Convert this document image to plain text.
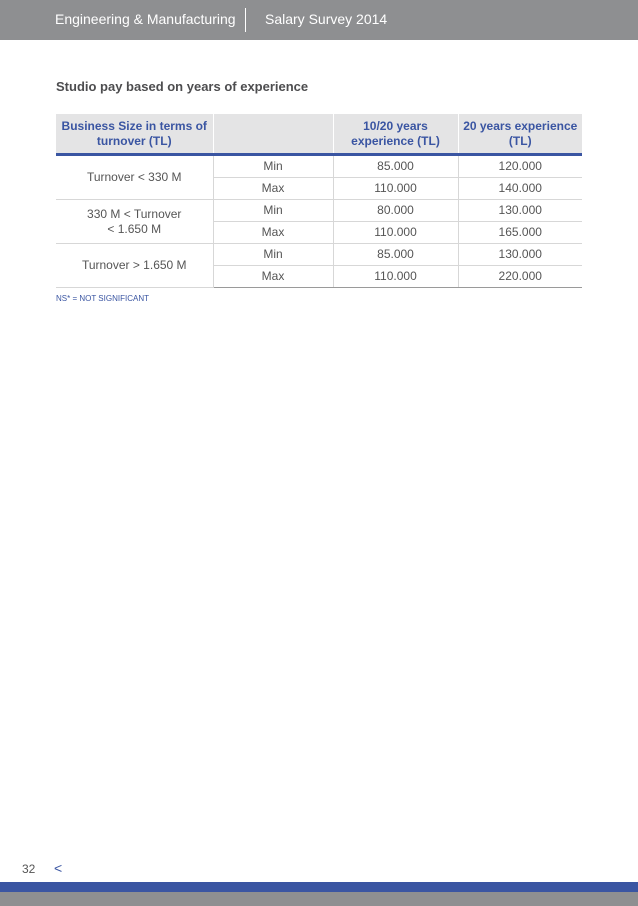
Engineering & Manufacturing Salary Survey 2014
Studio pay based on years of experience
Business Size in terms of turnover (TL)		10/20 years experience (TL)	20 years experience (TL)
Turnover < 330 M	Min	85.000	120.000
	Max	110.000	140.000
330 M < Turnover < 1.650 M	Min	80.000	130.000
	Max	110.000	165.000
Turnover > 1.650 M	Min	85.000	130.000
	Max	110.000	220.000
NS* = NOT SIGNIFICANT
32 <
